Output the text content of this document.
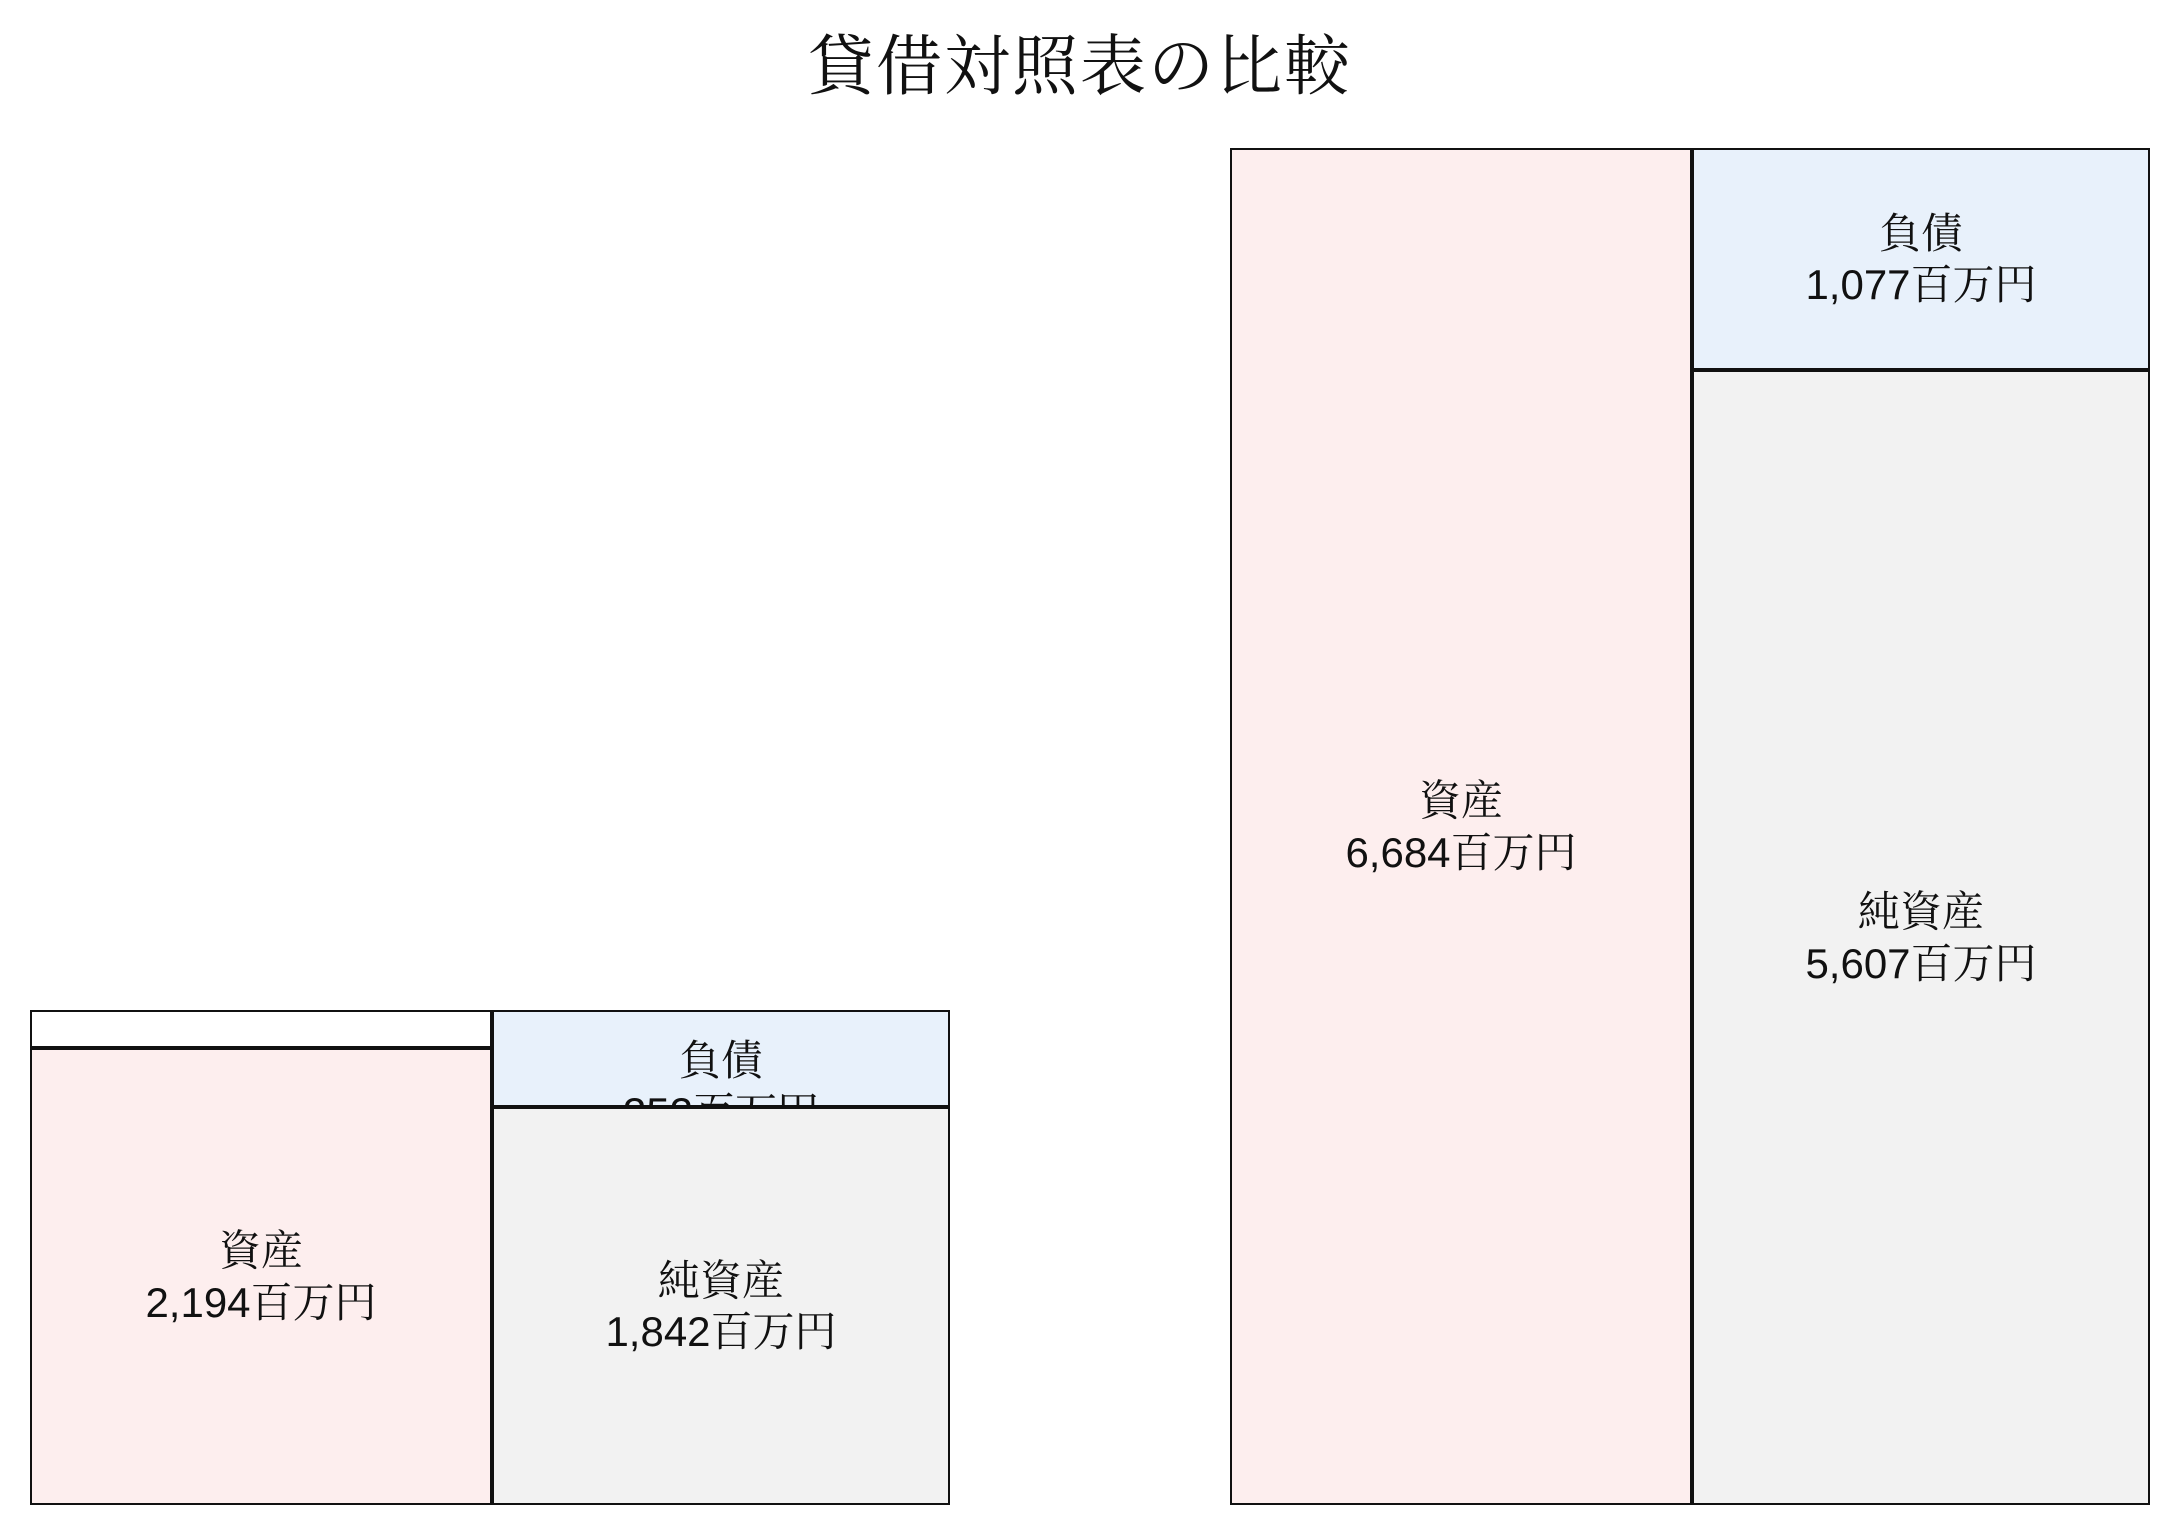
貸借対照表の比較
資産
2,194百万円
負債
純資産
1,842百万円
資産
6,684百万円
負債
1,077百万円
純資産
5,607百万円
